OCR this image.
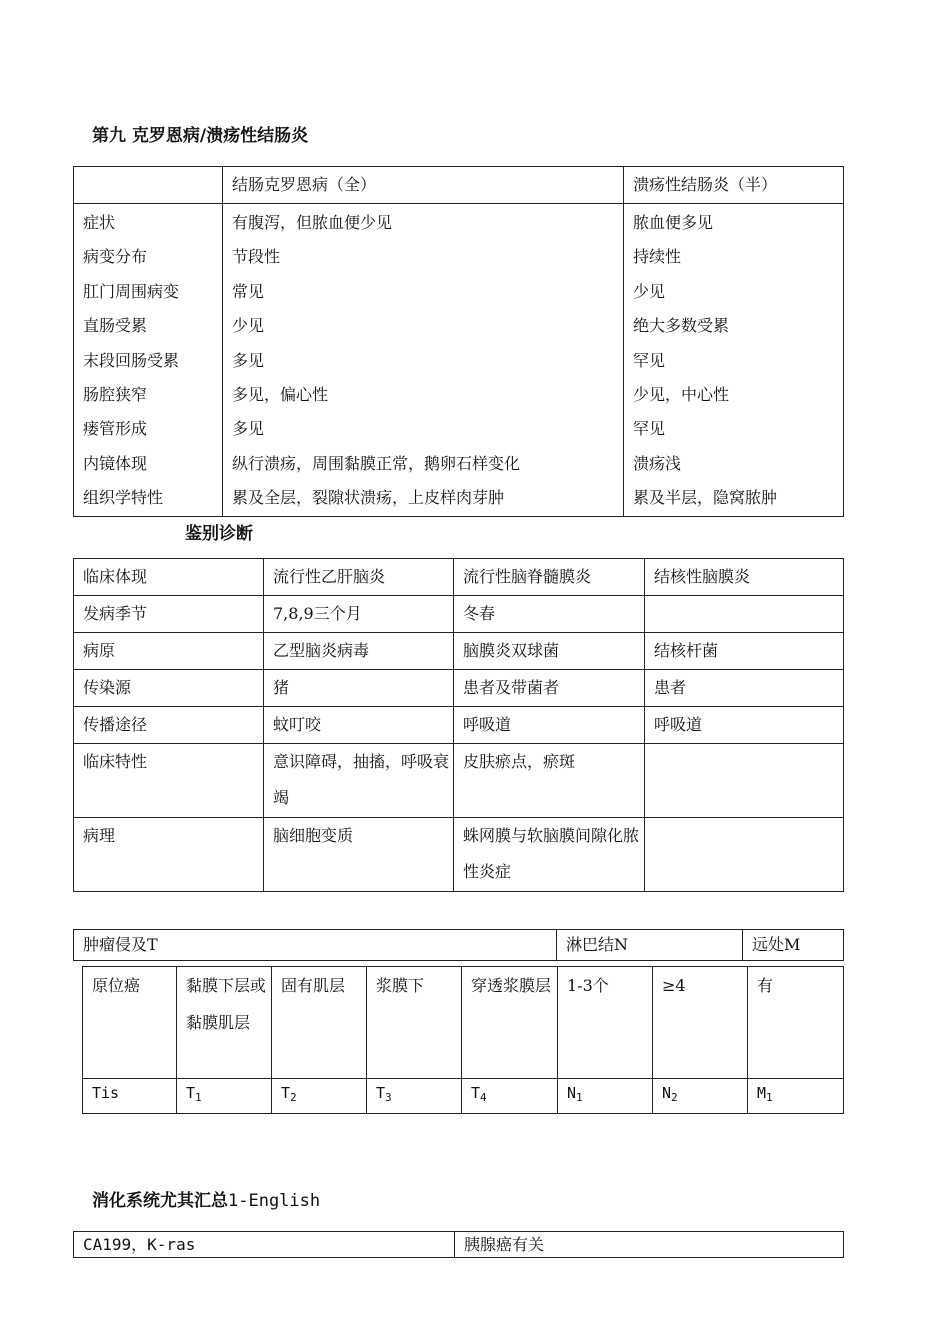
第九 克罗恩病/溃疡性结肠炎
	结肠克罗恩病（全）	溃疡性结肠炎（半）
症状	有腹泻，但脓血便少见	脓血便多见
病变分布	节段性	持续性
肛门周围病变	常见	少见
直肠受累	少见	绝大多数受累
末段回肠受累	多见	罕见
肠腔狭窄	多见，偏心性	少见，中心性
瘘管形成	多见	罕见
内镜体现	纵行溃疡，周围黏膜正常，鹅卵石样变化	溃疡浅
组织学特性	累及全层，裂隙状溃疡，上皮样肉芽肿	累及半层，隐窝脓肿
鉴别诊断
临床体现	流行性乙肝脑炎	流行性脑脊髓膜炎	结核性脑膜炎
发病季节	7,8,9三个月	冬春	
病原	乙型脑炎病毒	脑膜炎双球菌	结核杆菌
传染源	猪	患者及带菌者	患者
传播途径	蚊叮咬	呼吸道	呼吸道
临床特性	意识障碍，抽搐，呼吸衰竭	皮肤瘀点，瘀斑	
病理	脑细胞变质	蛛网膜与软脑膜间隙化脓性炎症	
肿瘤侵及T	淋巴结N	远处M
原位癌	黏膜下层或黏膜肌层	固有肌层	浆膜下	穿透浆膜层	1-3个	≥4	有
Tis	$T_1$	$T_2$	$T_3$	$T_4$	$N_1$	$N_2$	$M_1$
消化系统尤其汇总1-English
CA199，K-ras	胰腺癌有关
